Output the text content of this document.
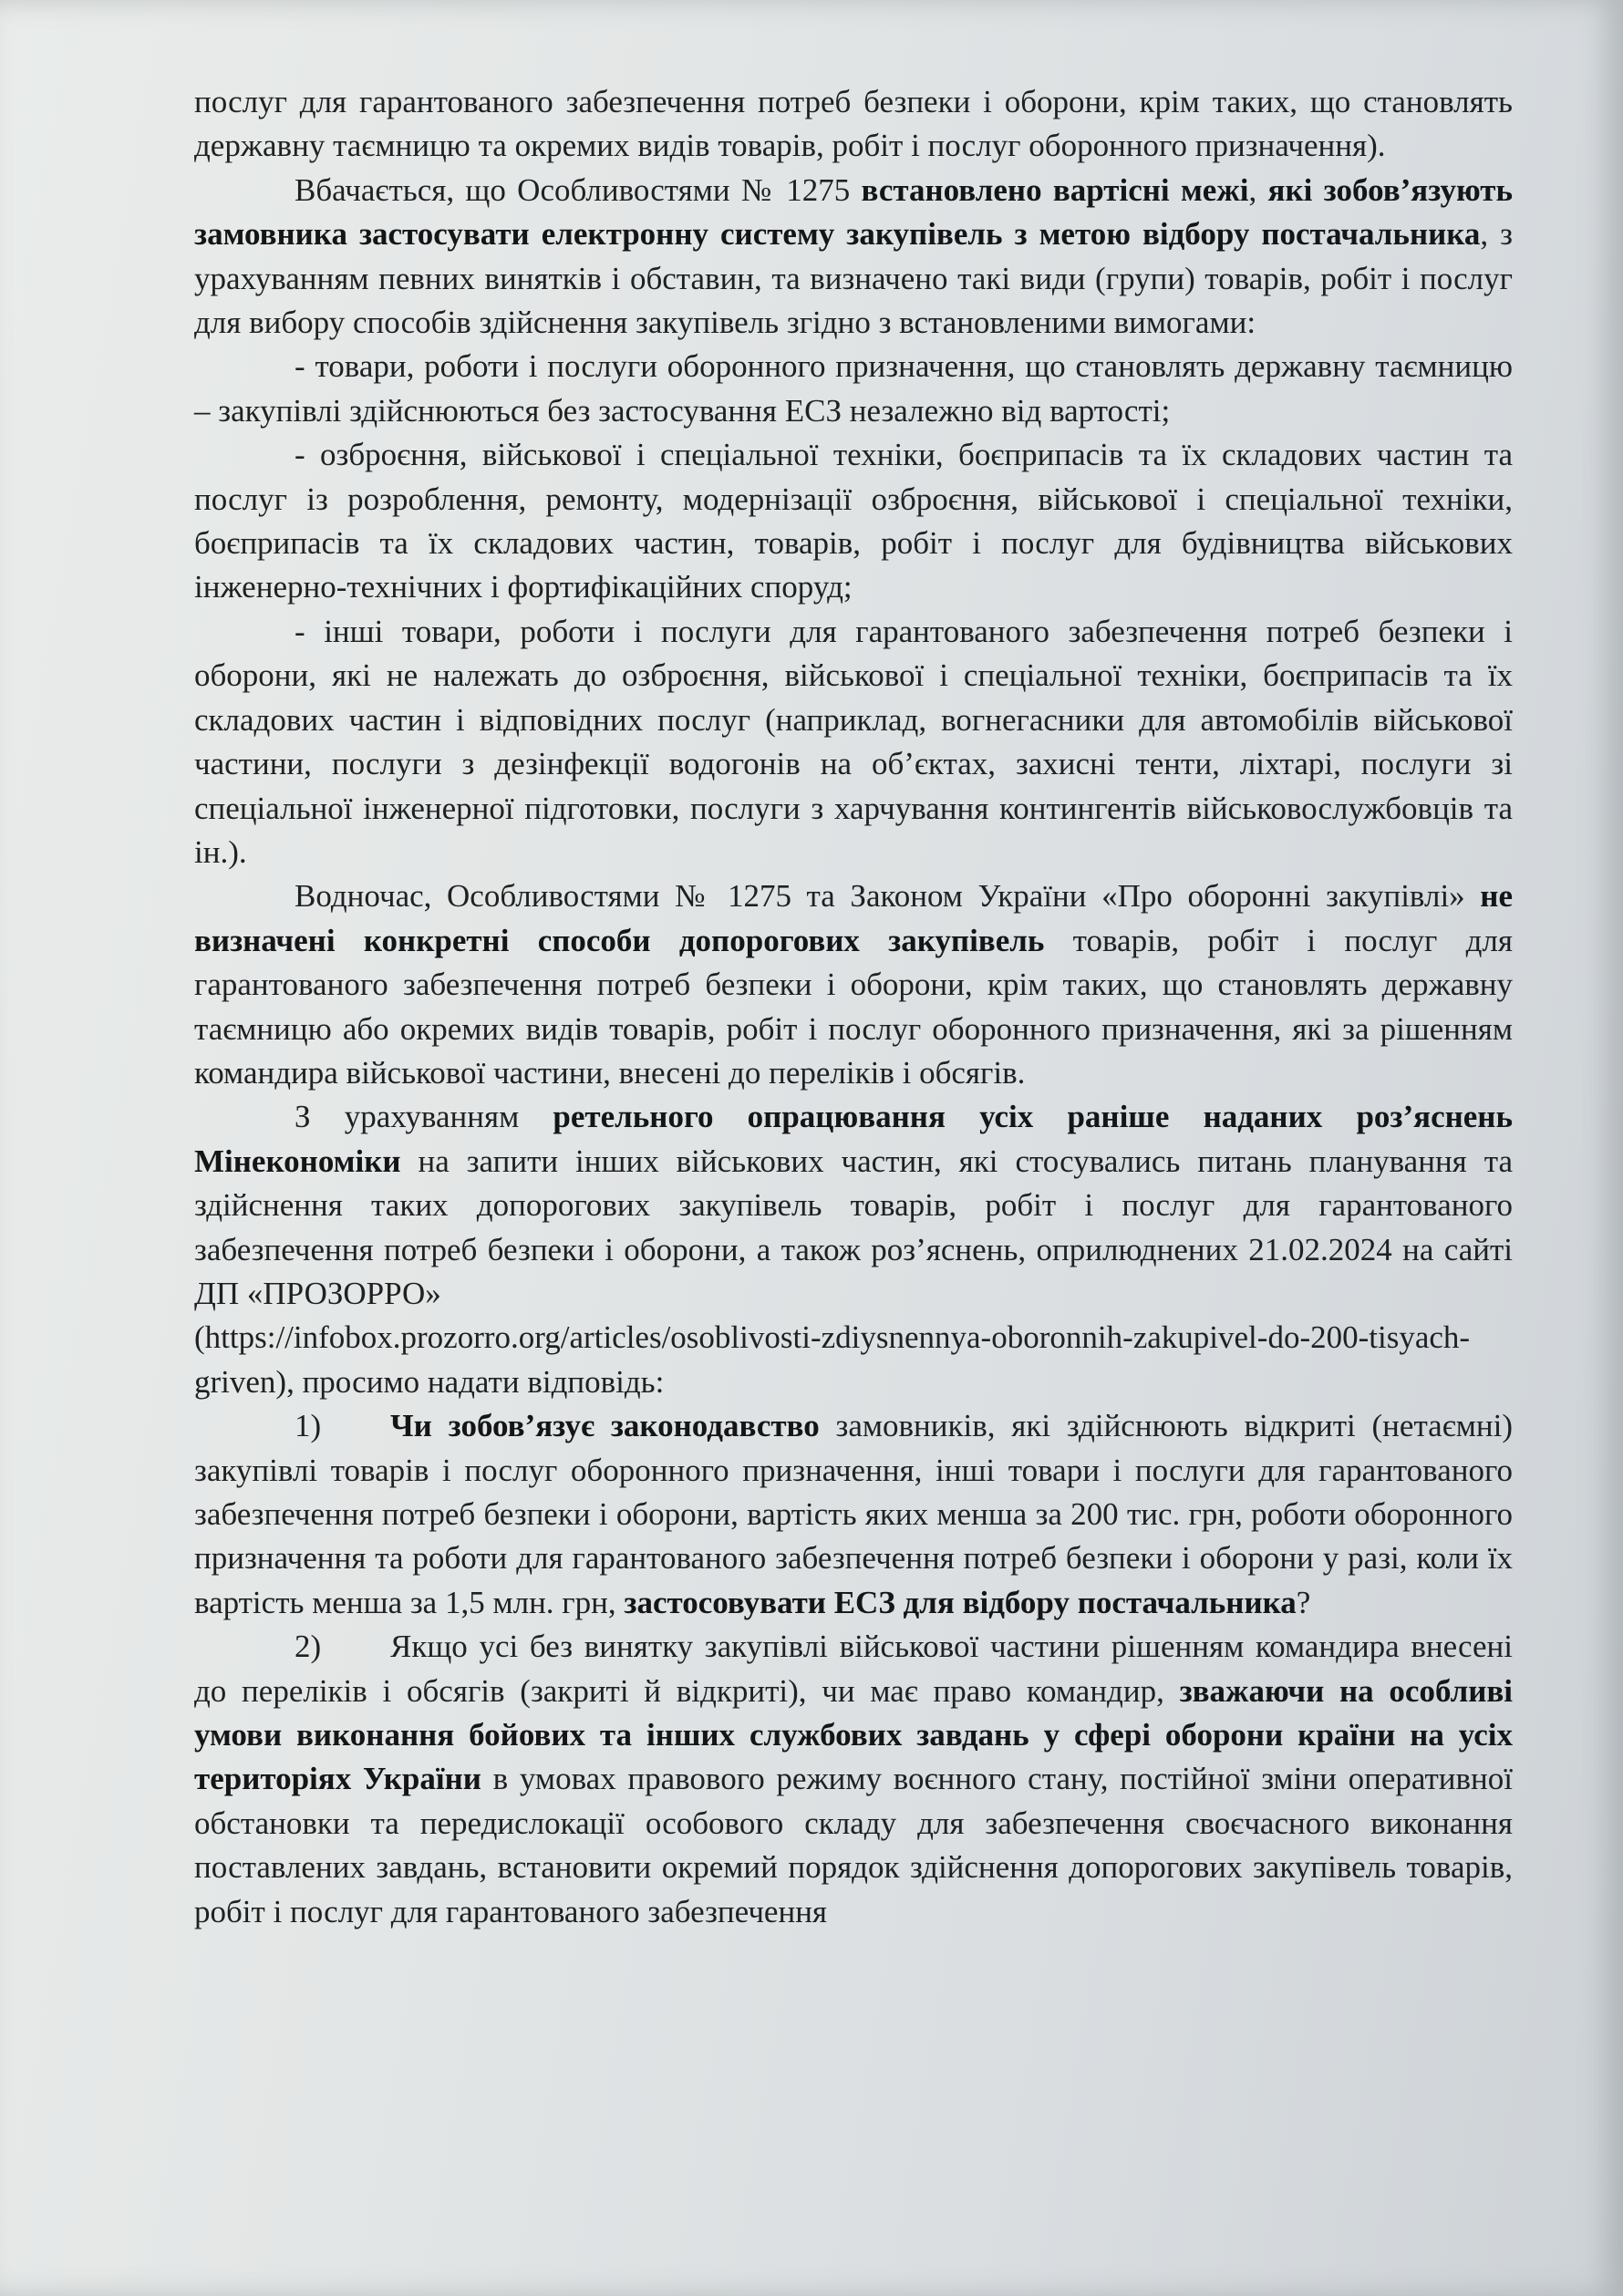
послуг для гарантованого забезпечення потреб безпеки і оборони, крім таких, що становлять державну таємницю та окремих видів товарів, робіт і послуг оборонного призначення).

Вбачається, що Особливостями № 1275 встановлено вартісні межі, які зобов’язують замовника застосувати електронну систему закупівель з метою відбору постачальника, з урахуванням певних винятків і обставин, та визначено такі види (групи) товарів, робіт і послуг для вибору способів здійснення закупівель згідно з встановленими вимогами:

- товари, роботи і послуги оборонного призначення, що становлять державну таємницю – закупівлі здійснюються без застосування ЕСЗ незалежно від вартості;

- озброєння, військової і спеціальної техніки, боєприпасів та їх складових частин та послуг із розроблення, ремонту, модернізації озброєння, військової і спеціальної техніки, боєприпасів та їх складових частин, товарів, робіт і послуг для будівництва військових інженерно-технічних і фортифікаційних споруд;

- інші товари, роботи і послуги для гарантованого забезпечення потреб безпеки і оборони, які не належать до озброєння, військової і спеціальної техніки, боєприпасів та їх складових частин і відповідних послуг (наприклад, вогнегасники для автомобілів військової частини, послуги з дезінфекції водогонів на об’єктах, захисні тенти, ліхтарі, послуги зі спеціальної інженерної підготовки, послуги з харчування контингентів військовослужбовців та ін.).

Водночас, Особливостями № 1275 та Законом України «Про оборонні закупівлі» не визначені конкретні способи допорогових закупівель товарів, робіт і послуг для гарантованого забезпечення потреб безпеки і оборони, крім таких, що становлять державну таємницю або окремих видів товарів, робіт і послуг оборонного призначення, які за рішенням командира військової частини, внесені до переліків і обсягів.

З урахуванням ретельного опрацювання усіх раніше наданих роз’яснень Мінекономіки на запити інших військових частин, які стосувались питань планування та здійснення таких допорогових закупівель товарів, робіт і послуг для гарантованого забезпечення потреб безпеки і оборони, а також роз’яснень, оприлюднених 21.02.2024 на сайті ДП «ПРОЗОРРО»
(https://infobox.prozorro.org/articles/osoblivosti-zdiysnennya-oboronnih-zakupivel-do-200-tisyach-griven), просимо надати відповідь:

1) Чи зобов’язує законодавство замовників, які здійснюють відкриті (нетаємні) закупівлі товарів і послуг оборонного призначення, інші товари і послуги для гарантованого забезпечення потреб безпеки і оборони, вартість яких менша за 200 тис. грн, роботи оборонного призначення та роботи для гарантованого забезпечення потреб безпеки і оборони у разі, коли їх вартість менша за 1,5 млн. грн, застосовувати ЕСЗ для відбору постачальника?

2) Якщо усі без винятку закупівлі військової частини рішенням командира внесені до переліків і обсягів (закриті й відкриті), чи має право командир, зважаючи на особливі умови виконання бойових та інших службових завдань у сфері оборони країни на усіх територіях України в умовах правового режиму воєнного стану, постійної зміни оперативної обстановки та передислокації особового складу для забезпечення своєчасного виконання поставлених завдань, встановити окремий порядок здійснення допорогових закупівель товарів, робіт і послуг для гарантованого забезпечення
